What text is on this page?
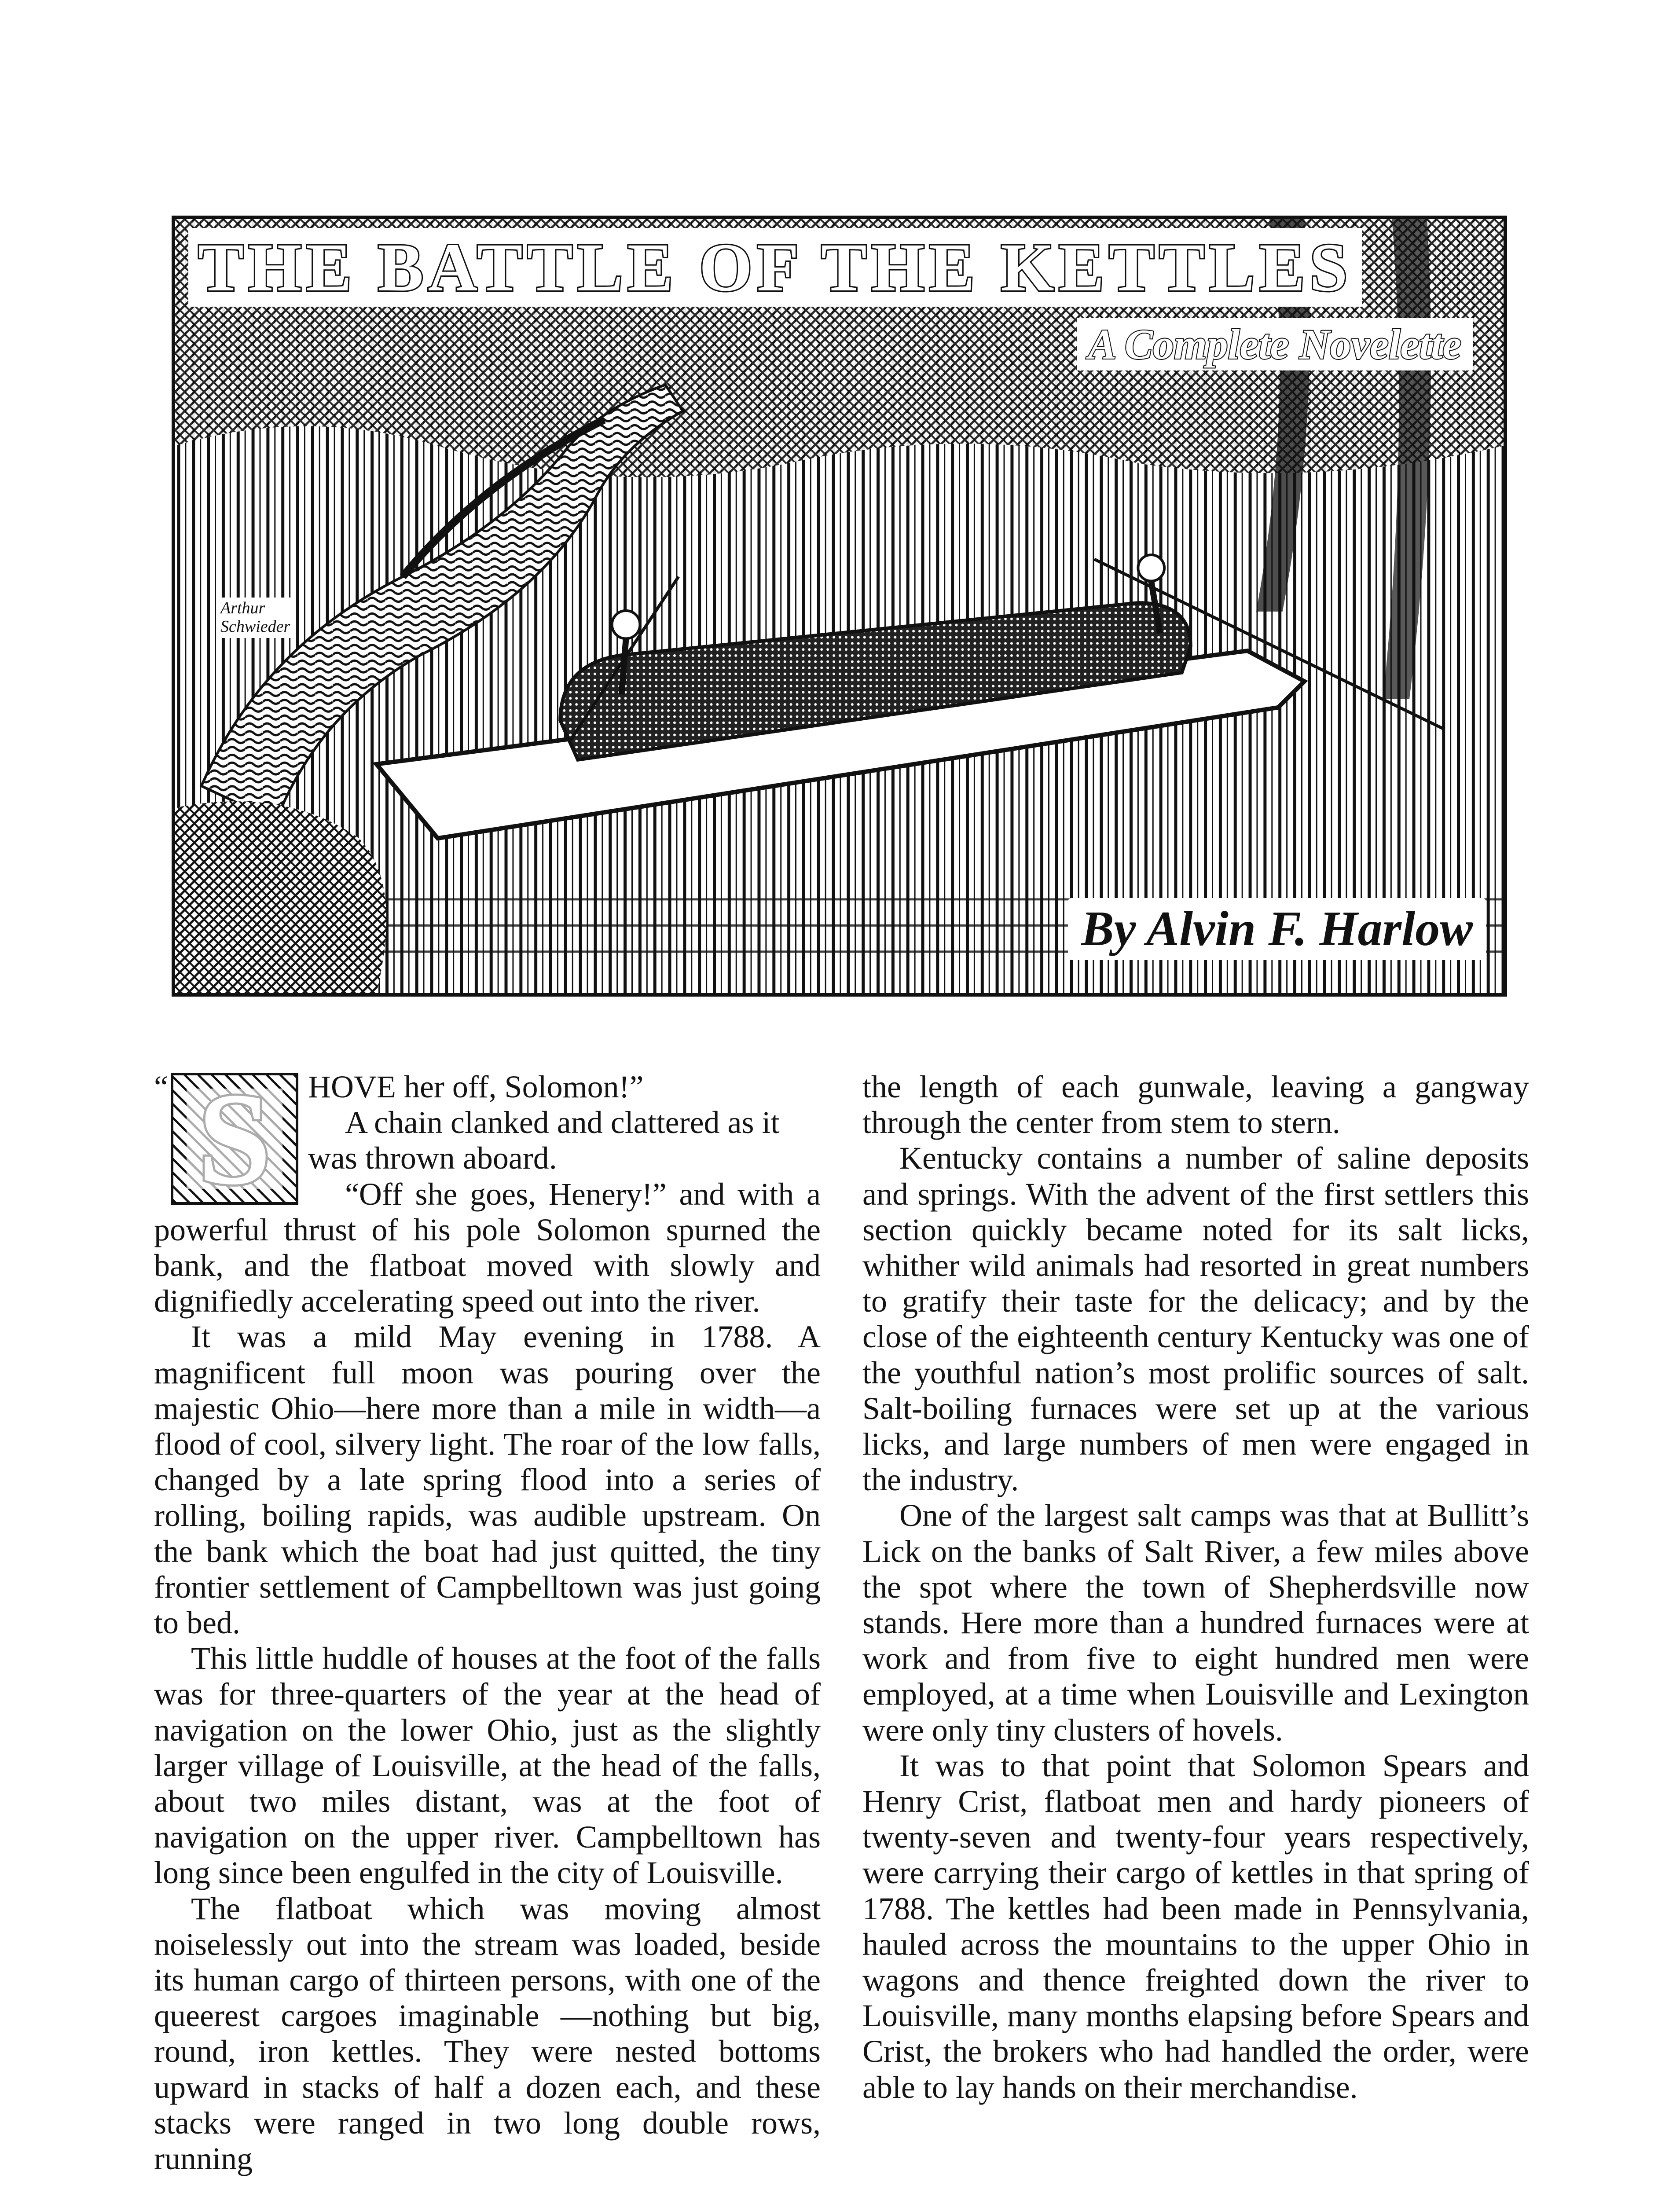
THE BATTLE OF THE KETTLES
A Complete Novelette
Arthur
Schwieder
By Alvin F. Harlow

“	HOVE her off, Solomon!”

A chain clanked and clattered as it was thrown aboard.

“Off she goes, Henery!” and with a powerful thrust of his pole Solomon spurned the bank, and the flatboat moved with slowly and dignifiedly accelerating speed out into the river.

It was a mild May evening in 1788. A magnificent full moon was pouring over the majestic Ohio—here more than a mile in width—a flood of cool, silvery light. The roar of the low falls, changed by a late spring flood into a series of rolling, boiling rapids, was audible upstream. On the bank which the boat had just quitted, the tiny frontier settlement of Campbelltown was just going to bed.

This little huddle of houses at the foot of the falls was for three-quarters of the year at the head of navigation on the lower Ohio, just as the slightly larger village of Louisville, at the head of the falls, about two miles distant, was at the foot of navigation on the upper river. Campbelltown has long since been engulfed in the city of Louisville.

The flatboat which was moving almost noiselessly out into the stream was loaded, beside its human cargo of thirteen persons, with one of the queerest cargoes imaginable —nothing but big, round, iron kettles. They were nested bottoms upward in stacks of half a dozen each, and these stacks were ranged in two long double rows, running

the length of each gunwale, leaving a gangway through the center from stem to stern.

Kentucky contains a number of saline deposits and springs. With the advent of the first settlers this section quickly became noted for its salt licks, whither wild animals had resorted in great numbers to gratify their taste for the delicacy; and by the close of the eighteenth century Kentucky was one of the youthful nation’s most prolific sources of salt. Salt-boiling furnaces were set up at the various licks, and large numbers of men were engaged in the industry.

One of the largest salt camps was that at Bullitt’s Lick on the banks of Salt River, a few miles above the spot where the town of Shepherdsville now stands. Here more than a hundred furnaces were at work and from five to eight hundred men were employed, at a time when Louisville and Lexington were only tiny clusters of hovels.

It was to that point that Solomon Spears and Henry Crist, flatboat men and hardy pioneers of twenty-seven and twenty-four years respectively, were carrying their cargo of kettles in that spring of 1788. The kettles had been made in Pennsylvania, hauled across the mountains to the upper Ohio in wagons and thence freighted down the river to Louisville, many months elapsing before Spears and Crist, the brokers who had handled the order, were able to lay hands on their merchandise.
